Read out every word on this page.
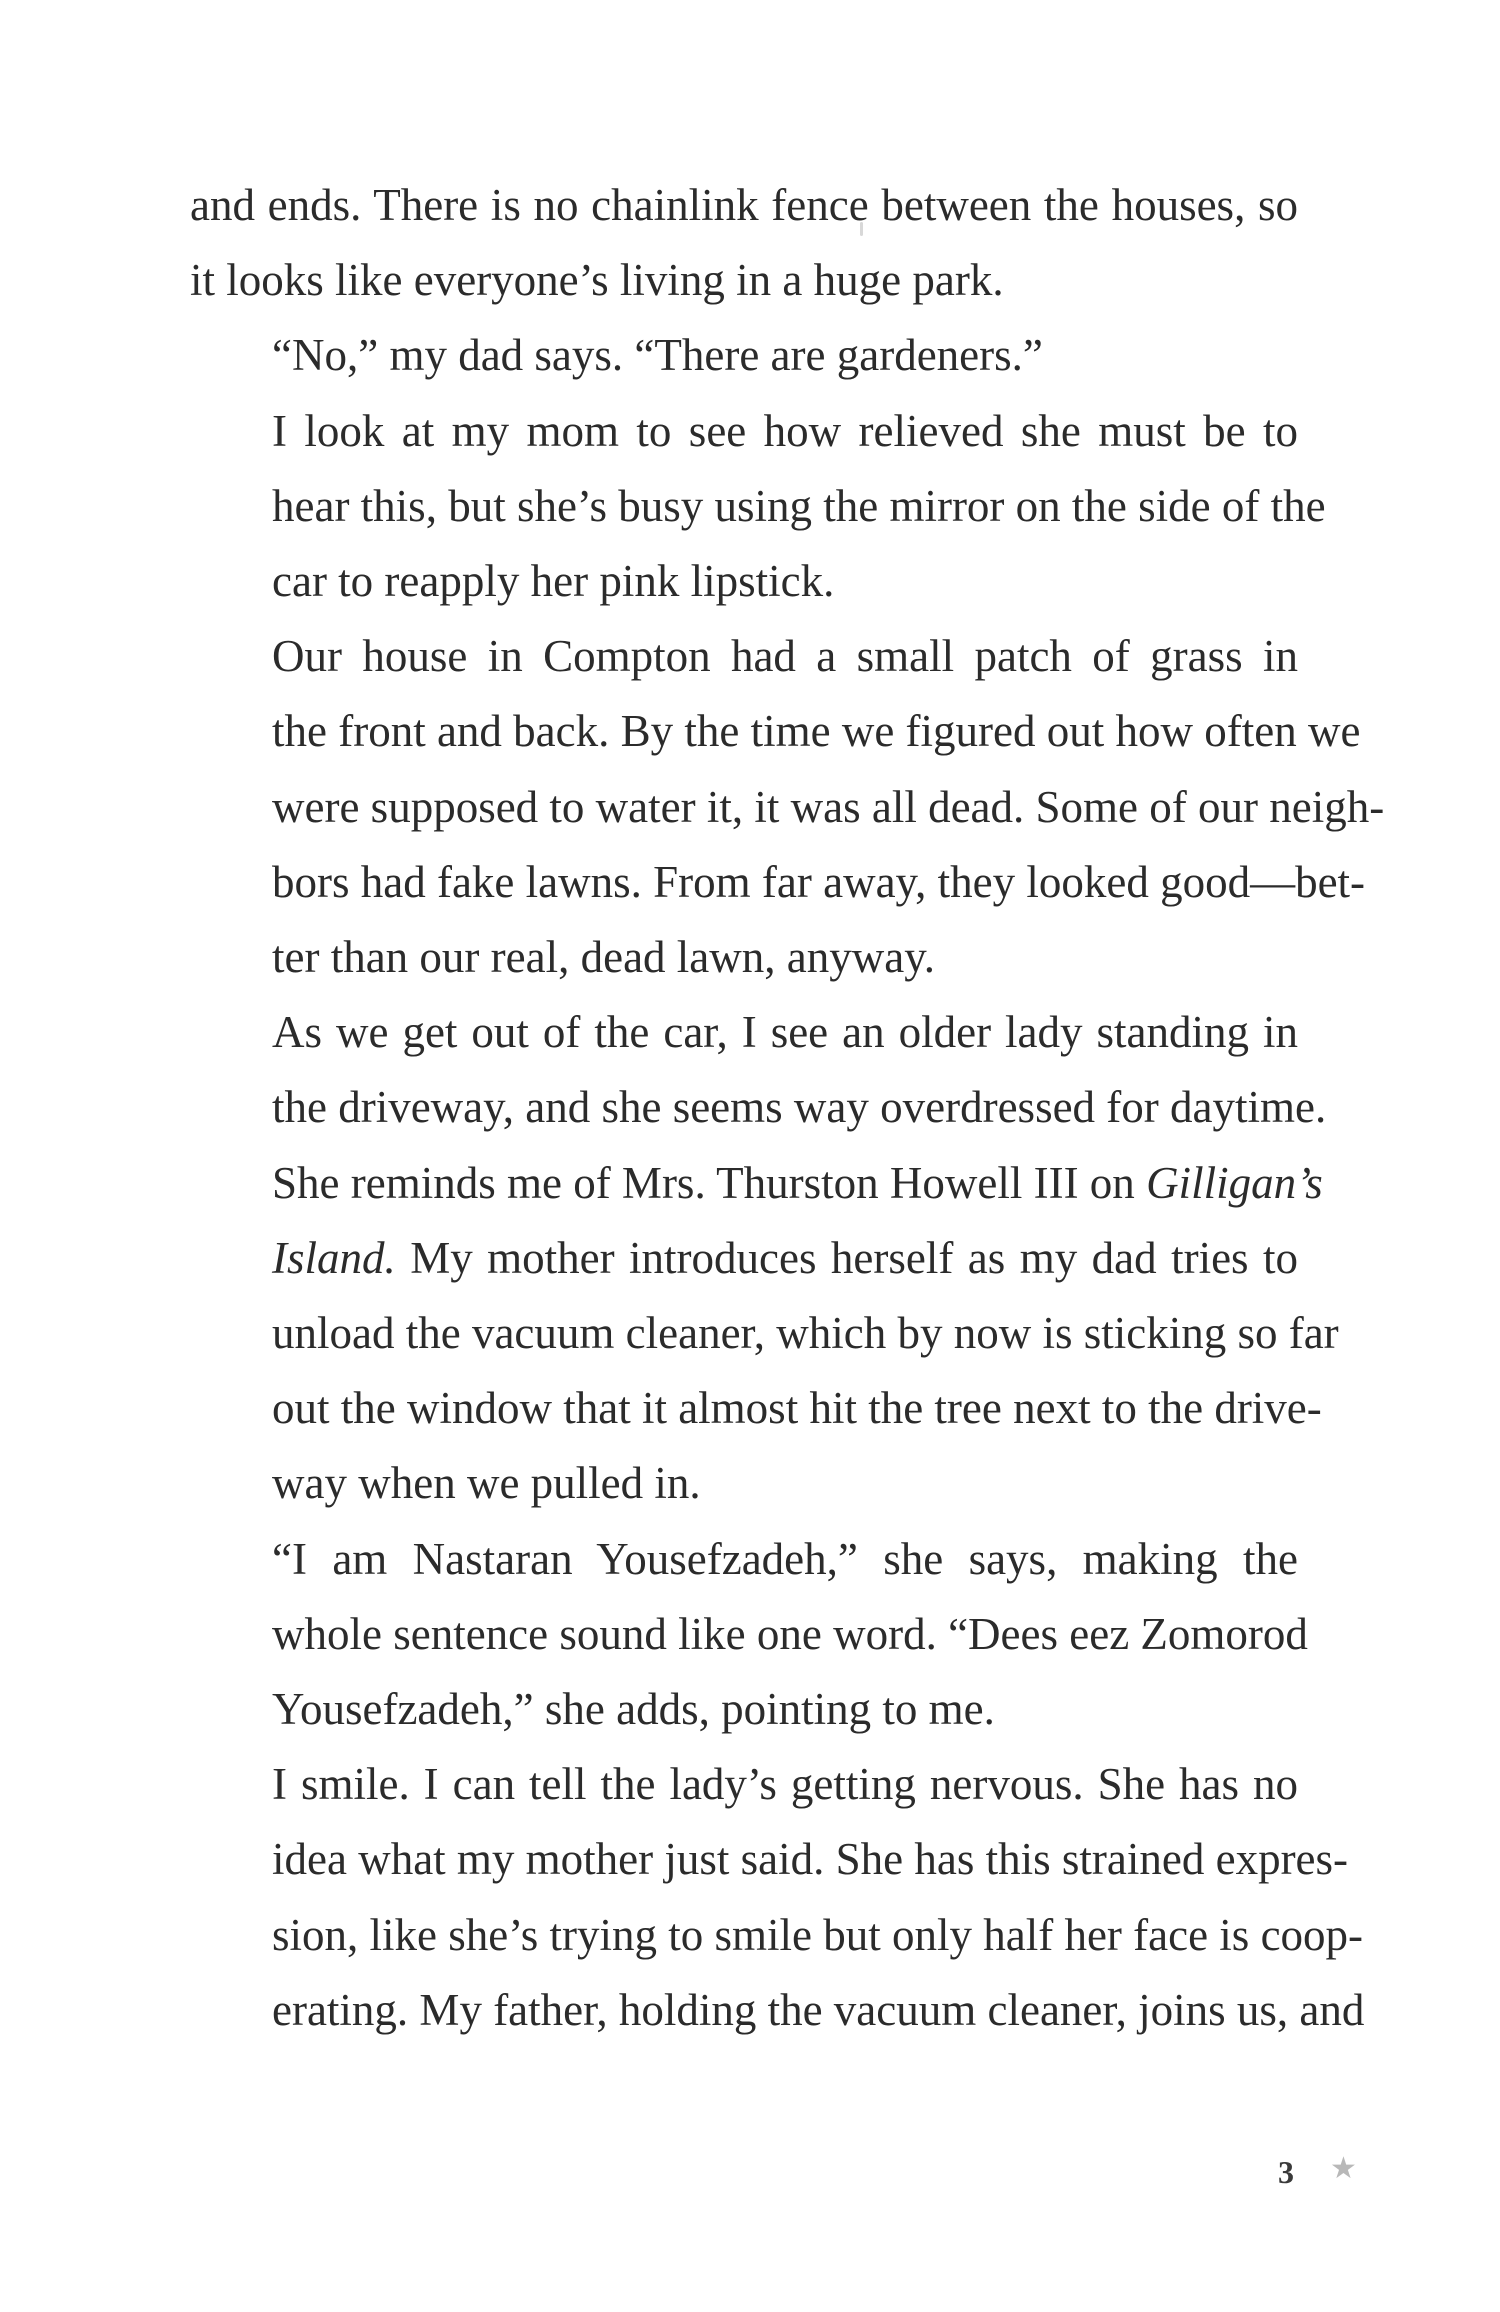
and ends. There is no chainlink fence between the houses, so
it looks like everyone’s living in a huge park.

“No,” my dad says. “There are gardeners.”

I look at my mom to see how relieved she must be to
hear this, but she’s busy using the mirror on the side of the
car to reapply her pink lipstick.

Our house in Compton had a small patch of grass in
the front and back. By the time we figured out how often we
were supposed to water it, it was all dead. Some of our neigh-
bors had fake lawns. From far away, they looked good—bet-
ter than our real, dead lawn, anyway.

As we get out of the car, I see an older lady standing in
the driveway, and she seems way overdressed for daytime.
She reminds me of Mrs. Thurston Howell III on Gilligan’s
Island. My mother introduces herself as my dad tries to
unload the vacuum cleaner, which by now is sticking so far
out the window that it almost hit the tree next to the drive-
way when we pulled in.

“I am Nastaran Yousefzadeh,” she says, making the
whole sentence sound like one word. “Dees eez Zomorod
Yousefzadeh,” she adds, pointing to me.

I smile. I can tell the lady’s getting nervous. She has no
idea what my mother just said. She has this strained expres-
sion, like she’s trying to smile but only half her face is coop-
erating. My father, holding the vacuum cleaner, joins us, and

3 ★
